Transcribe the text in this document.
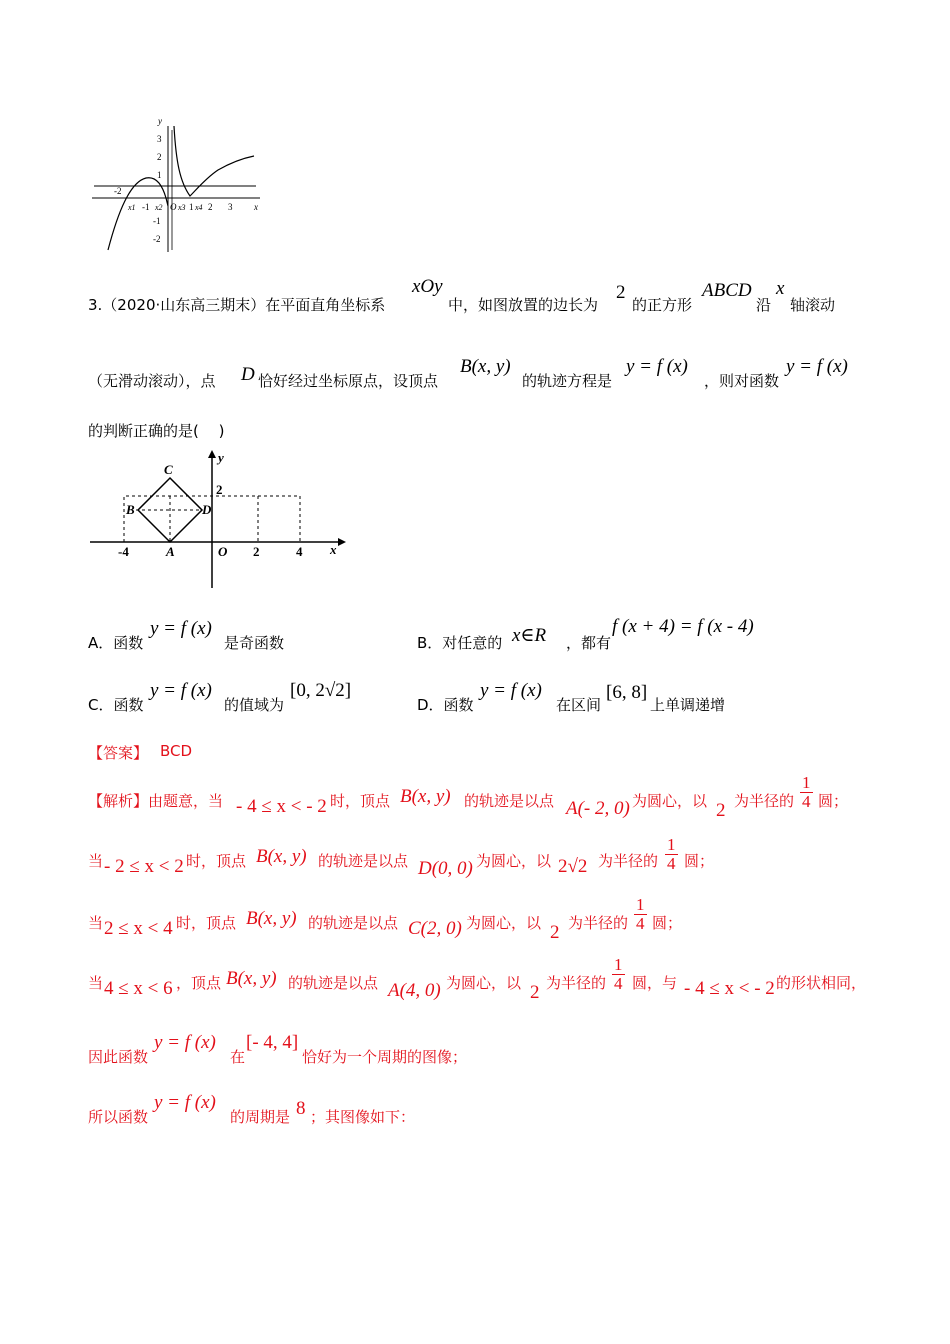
y
3
2
1
-1
-2
-2
x1 -1 x2 O x3 1 x4 2 3 x
3.（2020·山东高三期末）在平面直角坐标系
xOy
中，如图放置的边长为
2
的正方形
ABCD
沿
x
轴滚动
（无滑动滚动），点 D 恰好经过坐标原点，设顶点
B(x, y)
的轨迹方程是
y = f (x)
，则对函数
y = f (x)
的判断正确的是(　 )
C
B	D
A
y
2
-4	O 2	4 x
A．函数
y = f (x)
是奇函数	B．对任意的 x∈R ，都有
f (x + 4) = f (x - 4)
C．函数
y = f (x)
的值域为
[0, 2√2]
D．函数
y = f (x)
在区间
[6, 8]
上单调递增
【答案】 BCD
【解析】由题意，当 - 4 ≤ x < - 2 时，顶点 B(x, y) 的轨迹是以点 A(- 2, 0) 为圆心，以 2 为半径的 $\frac{1}{4}$ 圆；
当 - 2 ≤ x < 2 时，顶点 B(x, y) 的轨迹是以点 D(0, 0) 为圆心，以 2√2 为半径的 $\frac{1}{4}$ 圆；
当 2 ≤ x < 4 时，顶点 B(x, y) 的轨迹是以点 C(2, 0) 为圆心，以 2 为半径的 $\frac{1}{4}$ 圆；
当 4 ≤ x < 6 ，顶点 B(x, y) 的轨迹是以点 A(4, 0) 为圆心，以 2 为半径的 $\frac{1}{4}$ 圆，与 - 4 ≤ x < - 2 的形状相同，
因此函数
y = f (x)
在
[- 4, 4]
恰好为一个周期的图像；
所以函数
y = f (x)
的周期是 8 ；其图像如下：
